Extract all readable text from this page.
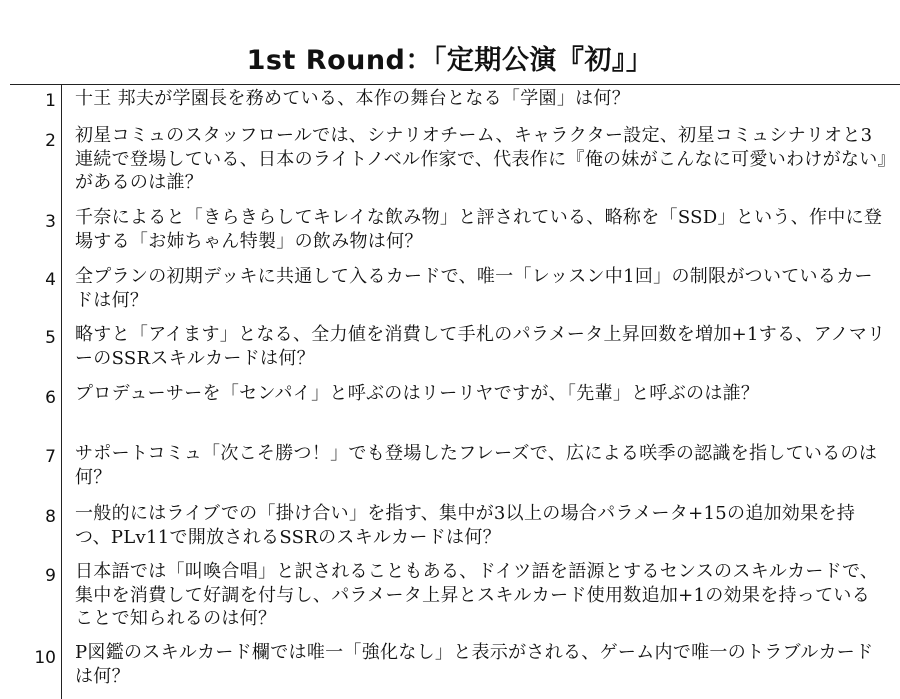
1st Round：「定期公演『初』」
1 十王 邦夫が学園長を務めている、本作の舞台となる「学園」は何？

2 初星コミュのスタッフロールでは、シナリオチーム、キャラクター設定、初星コミュシナリオと3連続で登場している、日本のライトノベル作家で、代表作に『俺の妹がこんなに可愛いわけがない』があるのは誰？

3 千奈によると「きらきらしてキレイな飲み物」と評されている、略称を「SSD」という、作中に登場する「お姉ちゃん特製」の飲み物は何？

4 全プランの初期デッキに共通して入るカードで、唯一「レッスン中1回」の制限がついているカードは何？

5 略すと「アイます」となる、全力値を消費して手札のパラメータ上昇回数を増加+1する、アノマリーのSSRスキルカードは何？

6 プロデューサーを「センパイ」と呼ぶのはリーリヤですが、「先輩」と呼ぶのは誰？

7 サポートコミュ「次こそ勝つ！」でも登場したフレーズで、広による咲季の認識を指しているのは何？

8 一般的にはライブでの「掛け合い」を指す、集中が3以上の場合パラメータ+15の追加効果を持つ、PLv11で開放されるSSRのスキルカードは何？

9 日本語では「叫喚合唱」と訳されることもある、ドイツ語を語源とするセンスのスキルカードで、集中を消費して好調を付与し、パラメータ上昇とスキルカード使用数追加+1の効果を持っていることで知られるのは何？

10 P図鑑のスキルカード欄では唯一「強化なし」と表示がされる、ゲーム内で唯一のトラブルカードは何？
